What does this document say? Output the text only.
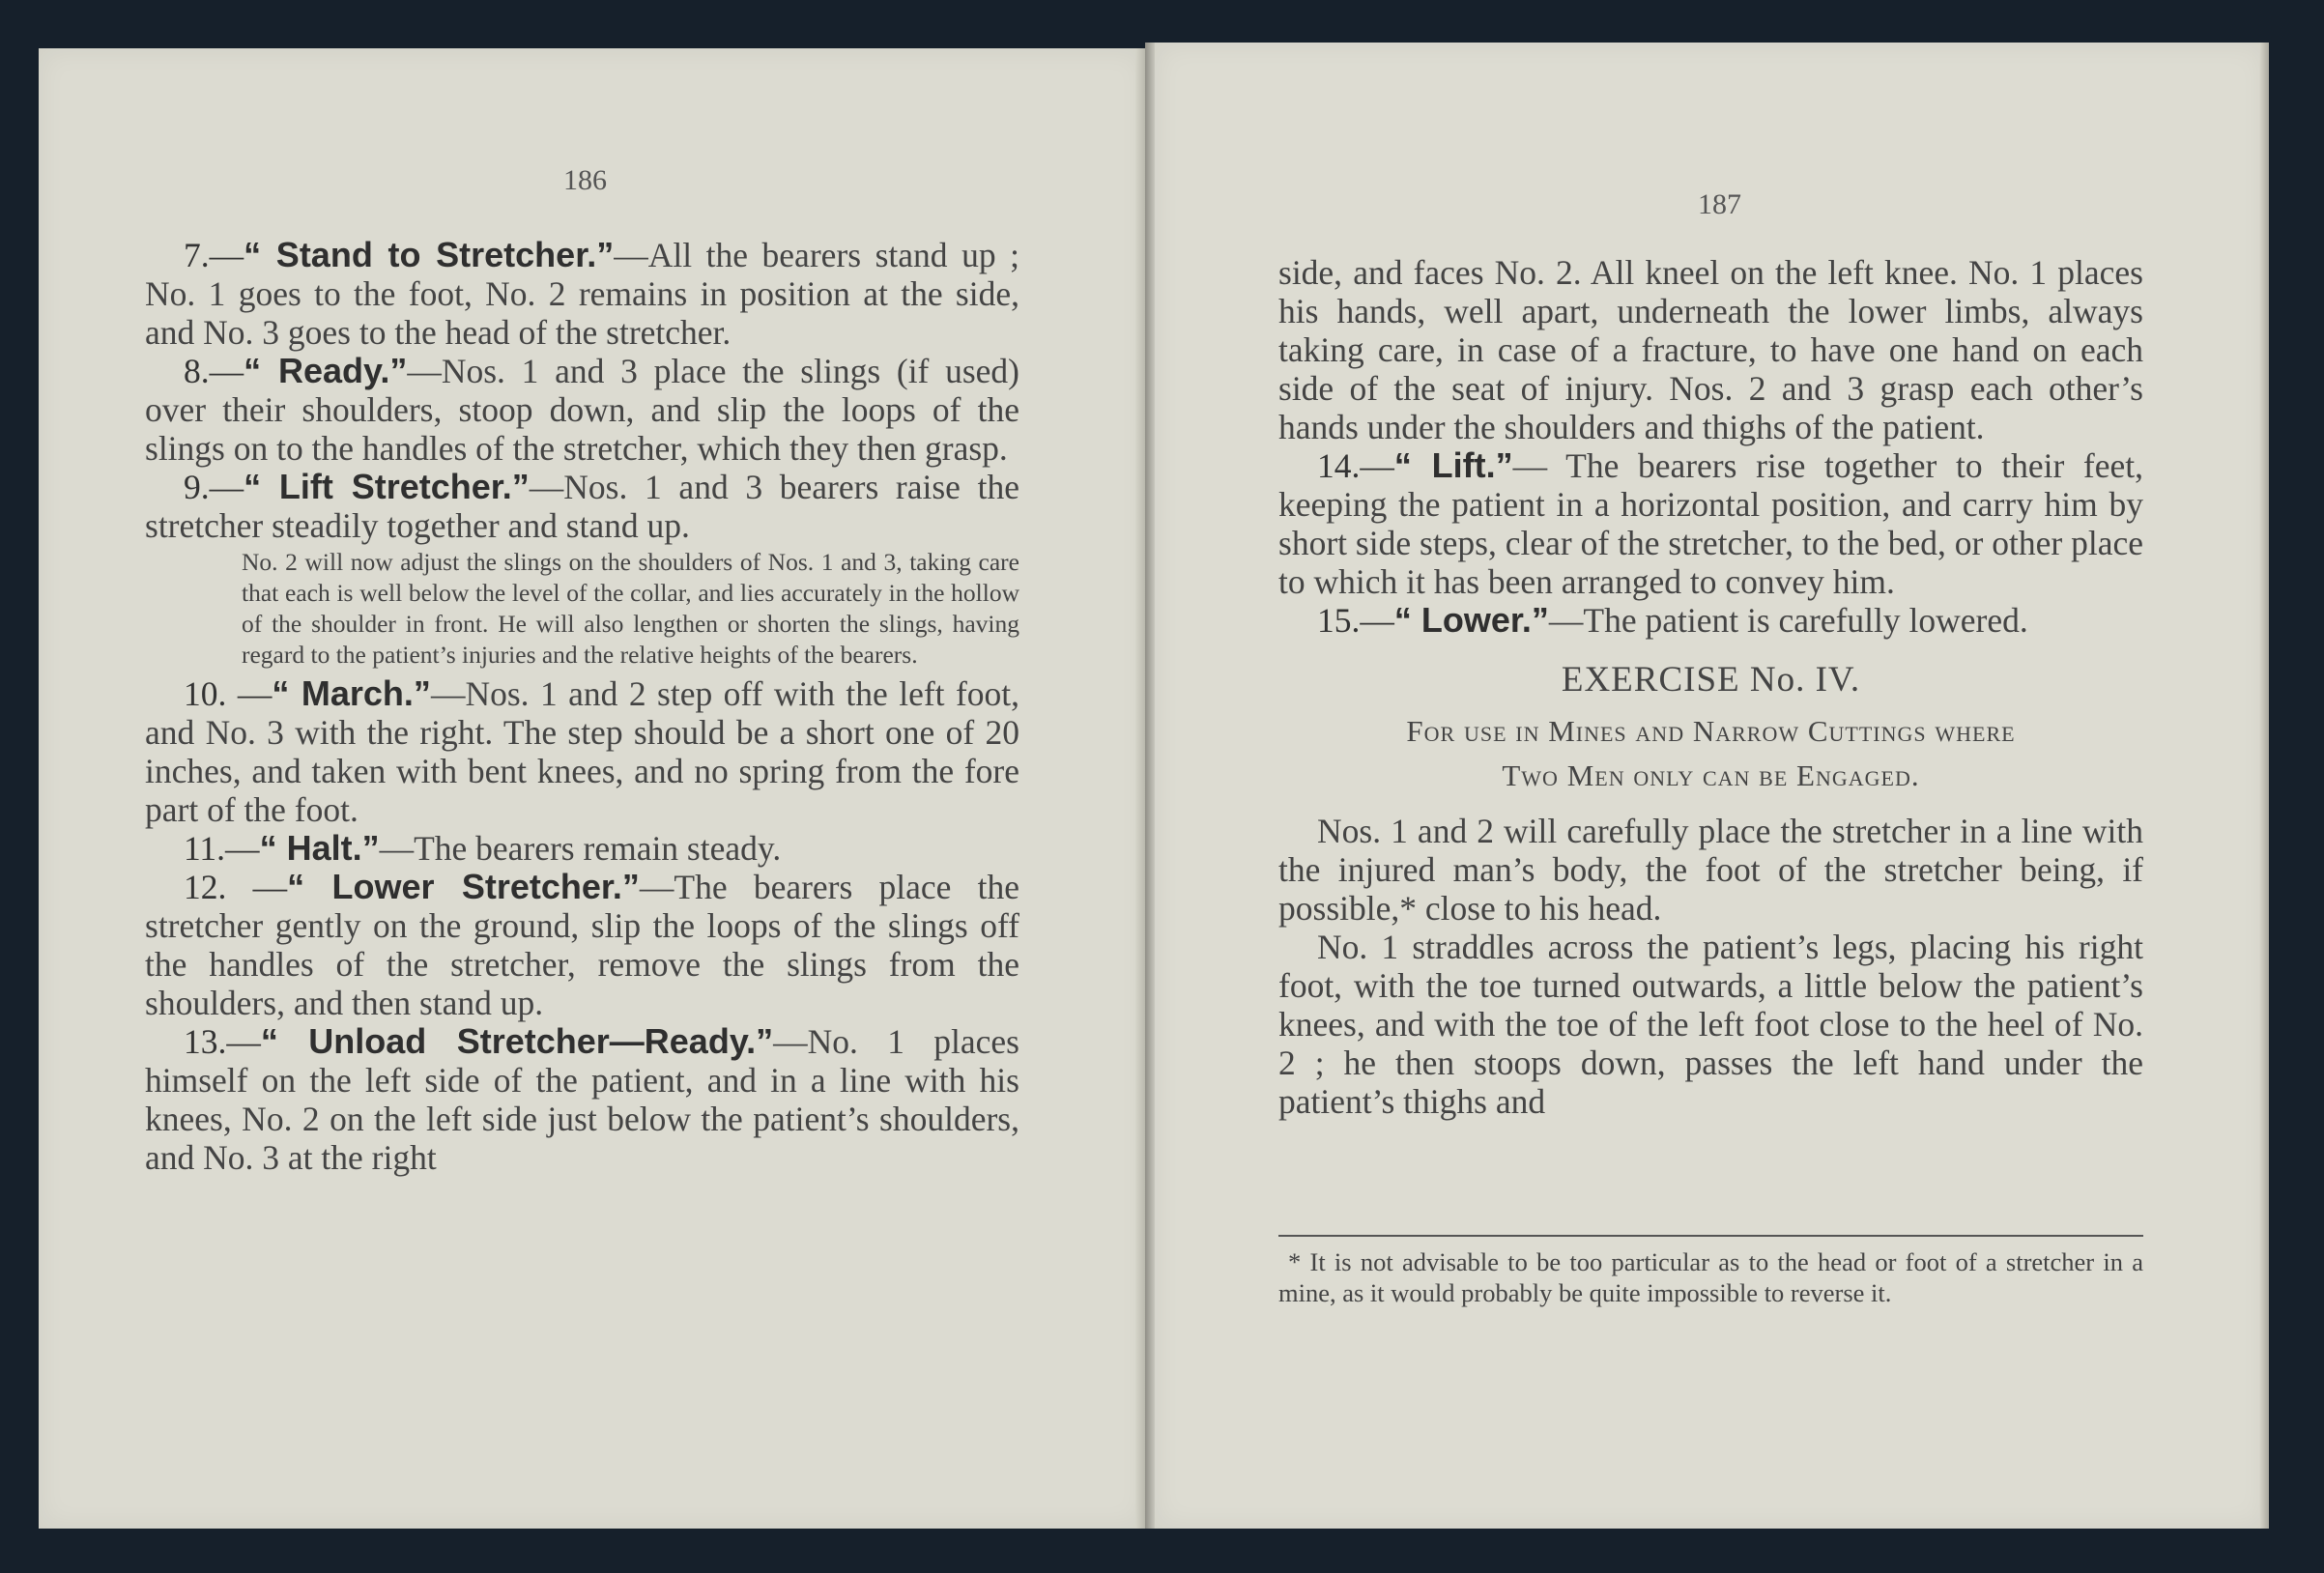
186
187

7.—“ Stand to Stretcher.”—All the bearers stand up ; No. 1 goes to the foot, No. 2 remains in position at the side, and No. 3 goes to the head of the stretcher.

8.—“ Ready.”—Nos. 1 and 3 place the slings (if used) over their shoulders, stoop down, and slip the loops of the slings on to the handles of the stretcher, which they then grasp.

9.—“ Lift Stretcher.”—Nos. 1 and 3 bearers raise the stretcher steadily together and stand up.

No. 2 will now adjust the slings on the shoulders of Nos. 1 and 3, taking care that each is well below the level of the collar, and lies accurately in the hollow of the shoulder in front. He will also lengthen or shorten the slings, having regard to the patient’s injuries and the relative heights of the bearers.

10. —“ March.”—Nos. 1 and 2 step off with the left foot, and No. 3 with the right. The step should be a short one of 20 inches, and taken with bent knees, and no spring from the fore part of the foot.

11.—“ Halt.”—The bearers remain steady.

12. —“ Lower Stretcher.”—The bearers place the stretcher gently on the ground, slip the loops of the slings off the handles of the stretcher, remove the slings from the shoulders, and then stand up.

13.—“ Unload Stretcher—Ready.”—No. 1 places himself on the left side of the patient, and in a line with his knees, No. 2 on the left side just below the patient’s shoulders, and No. 3 at the right

side, and faces No. 2. All kneel on the left knee. No. 1 places his hands, well apart, underneath the lower limbs, always taking care, in case of a fracture, to have one hand on each side of the seat of injury. Nos. 2 and 3 grasp each other’s hands under the shoulders and thighs of the patient.

14.—“ Lift.”— The bearers rise together to their feet, keeping the patient in a horizontal position, and carry him by short side steps, clear of the stretcher, to the bed, or other place to which it has been arranged to convey him.

15.—“ Lower.”—The patient is carefully lowered.

EXERCISE No. IV.

For use in Mines and Narrow Cuttings where
Two Men only can be Engaged.

Nos. 1 and 2 will carefully place the stretcher in a line with the injured man’s body, the foot of the stretcher being, if possible,* close to his head.

No. 1 straddles across the patient’s legs, placing his right foot, with the toe turned outwards, a little below the patient’s knees, and with the toe of the left foot close to the heel of No. 2 ; he then stoops down, passes the left hand under the patient’s thighs and

* It is not advisable to be too particular as to the head or foot of a stretcher in a mine, as it would probably be quite impossible to reverse it.
